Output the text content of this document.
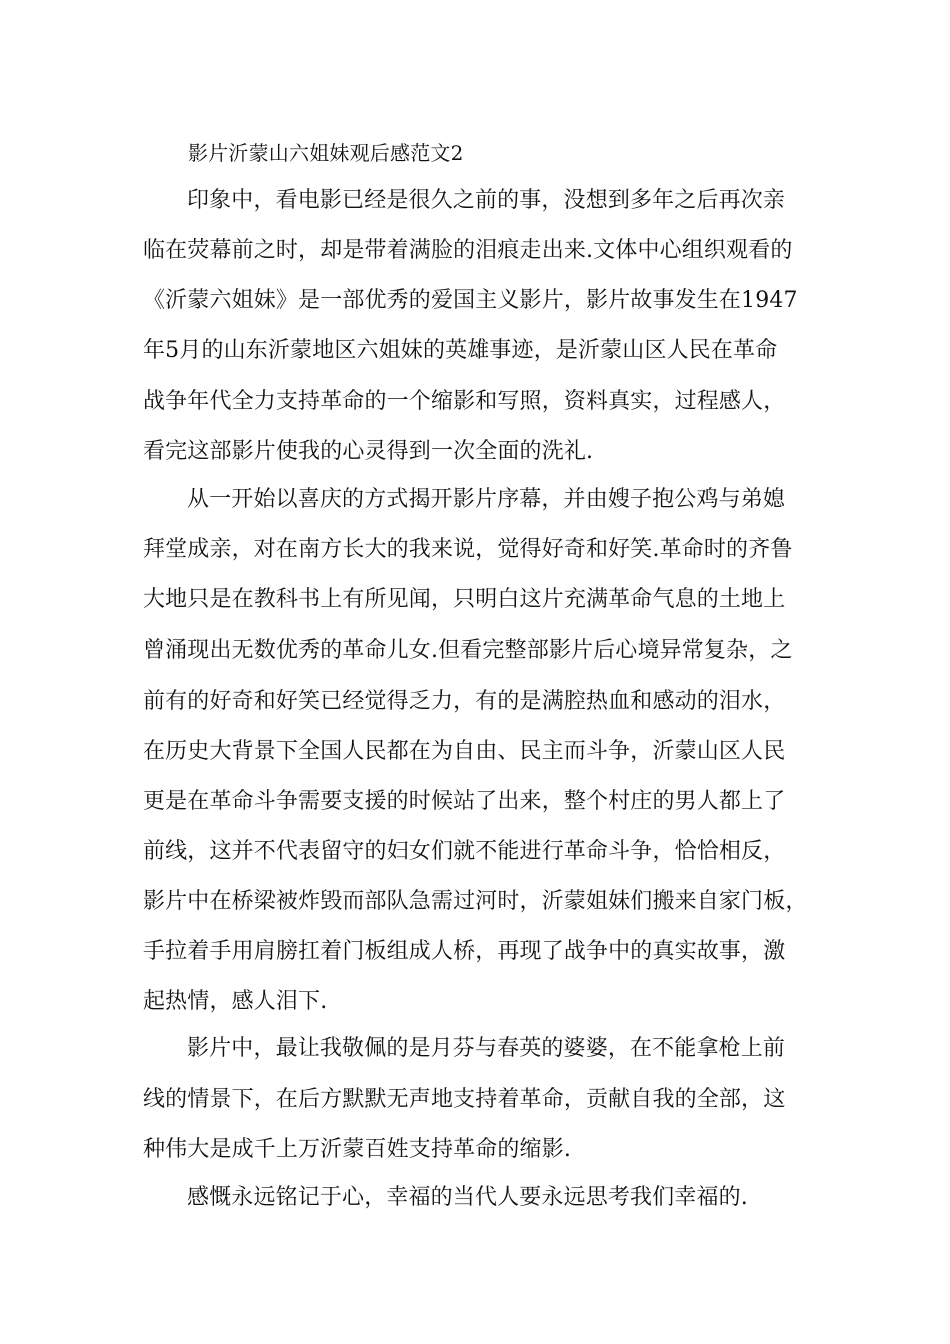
影片沂蒙山六姐妹观后感范文2
印象中，看电影已经是很久之前的事，没想到多年之后再次亲
临在荧幕前之时，却是带着满脸的泪痕走出来.文体中心组织观看的
《沂蒙六姐妹》是一部优秀的爱国主义影片，影片故事发生在1947
年5月的山东沂蒙地区六姐妹的英雄事迹，是沂蒙山区人民在革命
战争年代全力支持革命的一个缩影和写照，资料真实，过程感人，
看完这部影片使我的心灵得到一次全面的洗礼.
从一开始以喜庆的方式揭开影片序幕，并由嫂子抱公鸡与弟媳
拜堂成亲，对在南方长大的我来说，觉得好奇和好笑.革命时的齐鲁
大地只是在教科书上有所见闻，只明白这片充满革命气息的土地上
曾涌现出无数优秀的革命儿女.但看完整部影片后心境异常复杂，之
前有的好奇和好笑已经觉得乏力，有的是满腔热血和感动的泪水，
在历史大背景下全国人民都在为自由、民主而斗争，沂蒙山区人民
更是在革命斗争需要支援的时候站了出来，整个村庄的男人都上了
前线，这并不代表留守的妇女们就不能进行革命斗争，恰恰相反，
影片中在桥梁被炸毁而部队急需过河时，沂蒙姐妹们搬来自家门板，
手拉着手用肩膀扛着门板组成人桥，再现了战争中的真实故事，激
起热情，感人泪下.
影片中，最让我敬佩的是月芬与春英的婆婆，在不能拿枪上前
线的情景下，在后方默默无声地支持着革命，贡献自我的全部，这
种伟大是成千上万沂蒙百姓支持革命的缩影.
感慨永远铭记于心，幸福的当代人要永远思考我们幸福的.
